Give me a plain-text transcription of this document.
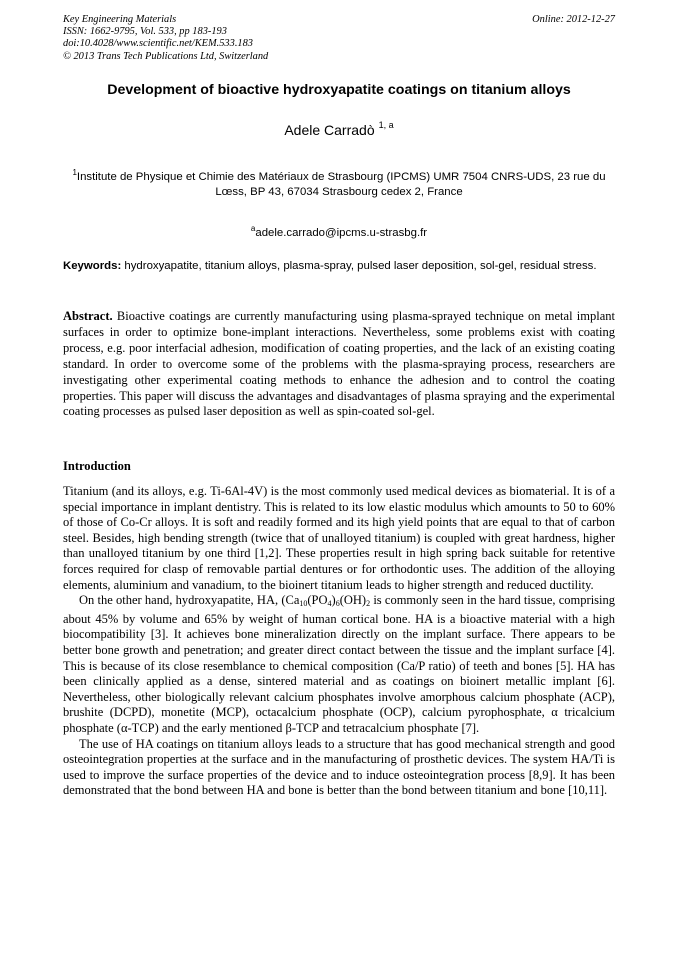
Key Engineering Materials
ISSN: 1662-9795, Vol. 533, pp 183-193
doi:10.4028/www.scientific.net/KEM.533.183
© 2013 Trans Tech Publications Ltd, Switzerland
Online: 2012-12-27
Development of bioactive hydroxyapatite coatings on titanium alloys
Adele Carradò $^{1, a}$
$^1$Institute de Physique et Chimie des Matériaux de Strasbourg (IPCMS) UMR 7504 CNRS-UDS, 23 rue du Lœss, BP 43, 67034 Strasbourg cedex 2, France
$^a$adele.carrado@ipcms.u-strasbg.fr
Keywords: hydroxyapatite, titanium alloys, plasma-spray, pulsed laser deposition, sol-gel, residual stress.
Abstract. Bioactive coatings are currently manufacturing using plasma-sprayed technique on metal implant surfaces in order to optimize bone-implant interactions. Nevertheless, some problems exist with coating process, e.g. poor interfacial adhesion, modification of coating properties, and the lack of an existing coating standard. In order to overcome some of the problems with the plasma-spraying process, researchers are investigating other experimental coating methods to enhance the adhesion and to control the coating properties. This paper will discuss the advantages and disadvantages of plasma spraying and the experimental coating processes as pulsed laser deposition as well as spin-coated sol-gel.
Introduction

Titanium (and its alloys, e.g. Ti-6Al-4V) is the most commonly used medical devices as biomaterial. It is of a special importance in implant dentistry. This is related to its low elastic modulus which amounts to 50 to 60% of those of Co-Cr alloys. It is soft and readily formed and its high yield points that are equal to that of carbon steel. Besides, high bending strength (twice that of unalloyed titanium) is coupled with great hardness, higher than unalloyed titanium by one third [1,2]. These properties result in high spring back suitable for retentive forces required for clasp of removable partial dentures or for orthodontic uses. The addition of the alloying elements, aluminium and vanadium, to the bioinert titanium leads to higher strength and reduced ductility.

On the other hand, hydroxyapatite, HA, ($Ca_{10}(PO_4)_6(OH)_2$ is commonly seen in the hard tissue, comprising about 45% by volume and 65% by weight of human cortical bone. HA is a bioactive material with a high biocompatibility [3]. It achieves bone mineralization directly on the implant surface. There appears to be better bone growth and penetration; and greater direct contact between the tissue and the implant surface [4]. This is because of its close resemblance to chemical composition (Ca/P ratio) of teeth and bones [5]. HA has been clinically applied as a dense, sintered material and as coatings on bioinert metallic implant [6]. Nevertheless, other biologically relevant calcium phosphates involve amorphous calcium phosphate (ACP), brushite (DCPD), monetite (MCP), octacalcium phosphate (OCP), calcium pyrophosphate, α tricalcium phosphate (α-TCP) and the early mentioned β-TCP and tetracalcium phosphate [7].

The use of HA coatings on titanium alloys leads to a structure that has good mechanical strength and good osteointegration properties at the surface and in the manufacturing of prosthetic devices. The system HA/Ti is used to improve the surface properties of the device and to induce osteointegration process [8,9]. It has been demonstrated that the bond between HA and bone is better than the bond between titanium and bone [10,11].
